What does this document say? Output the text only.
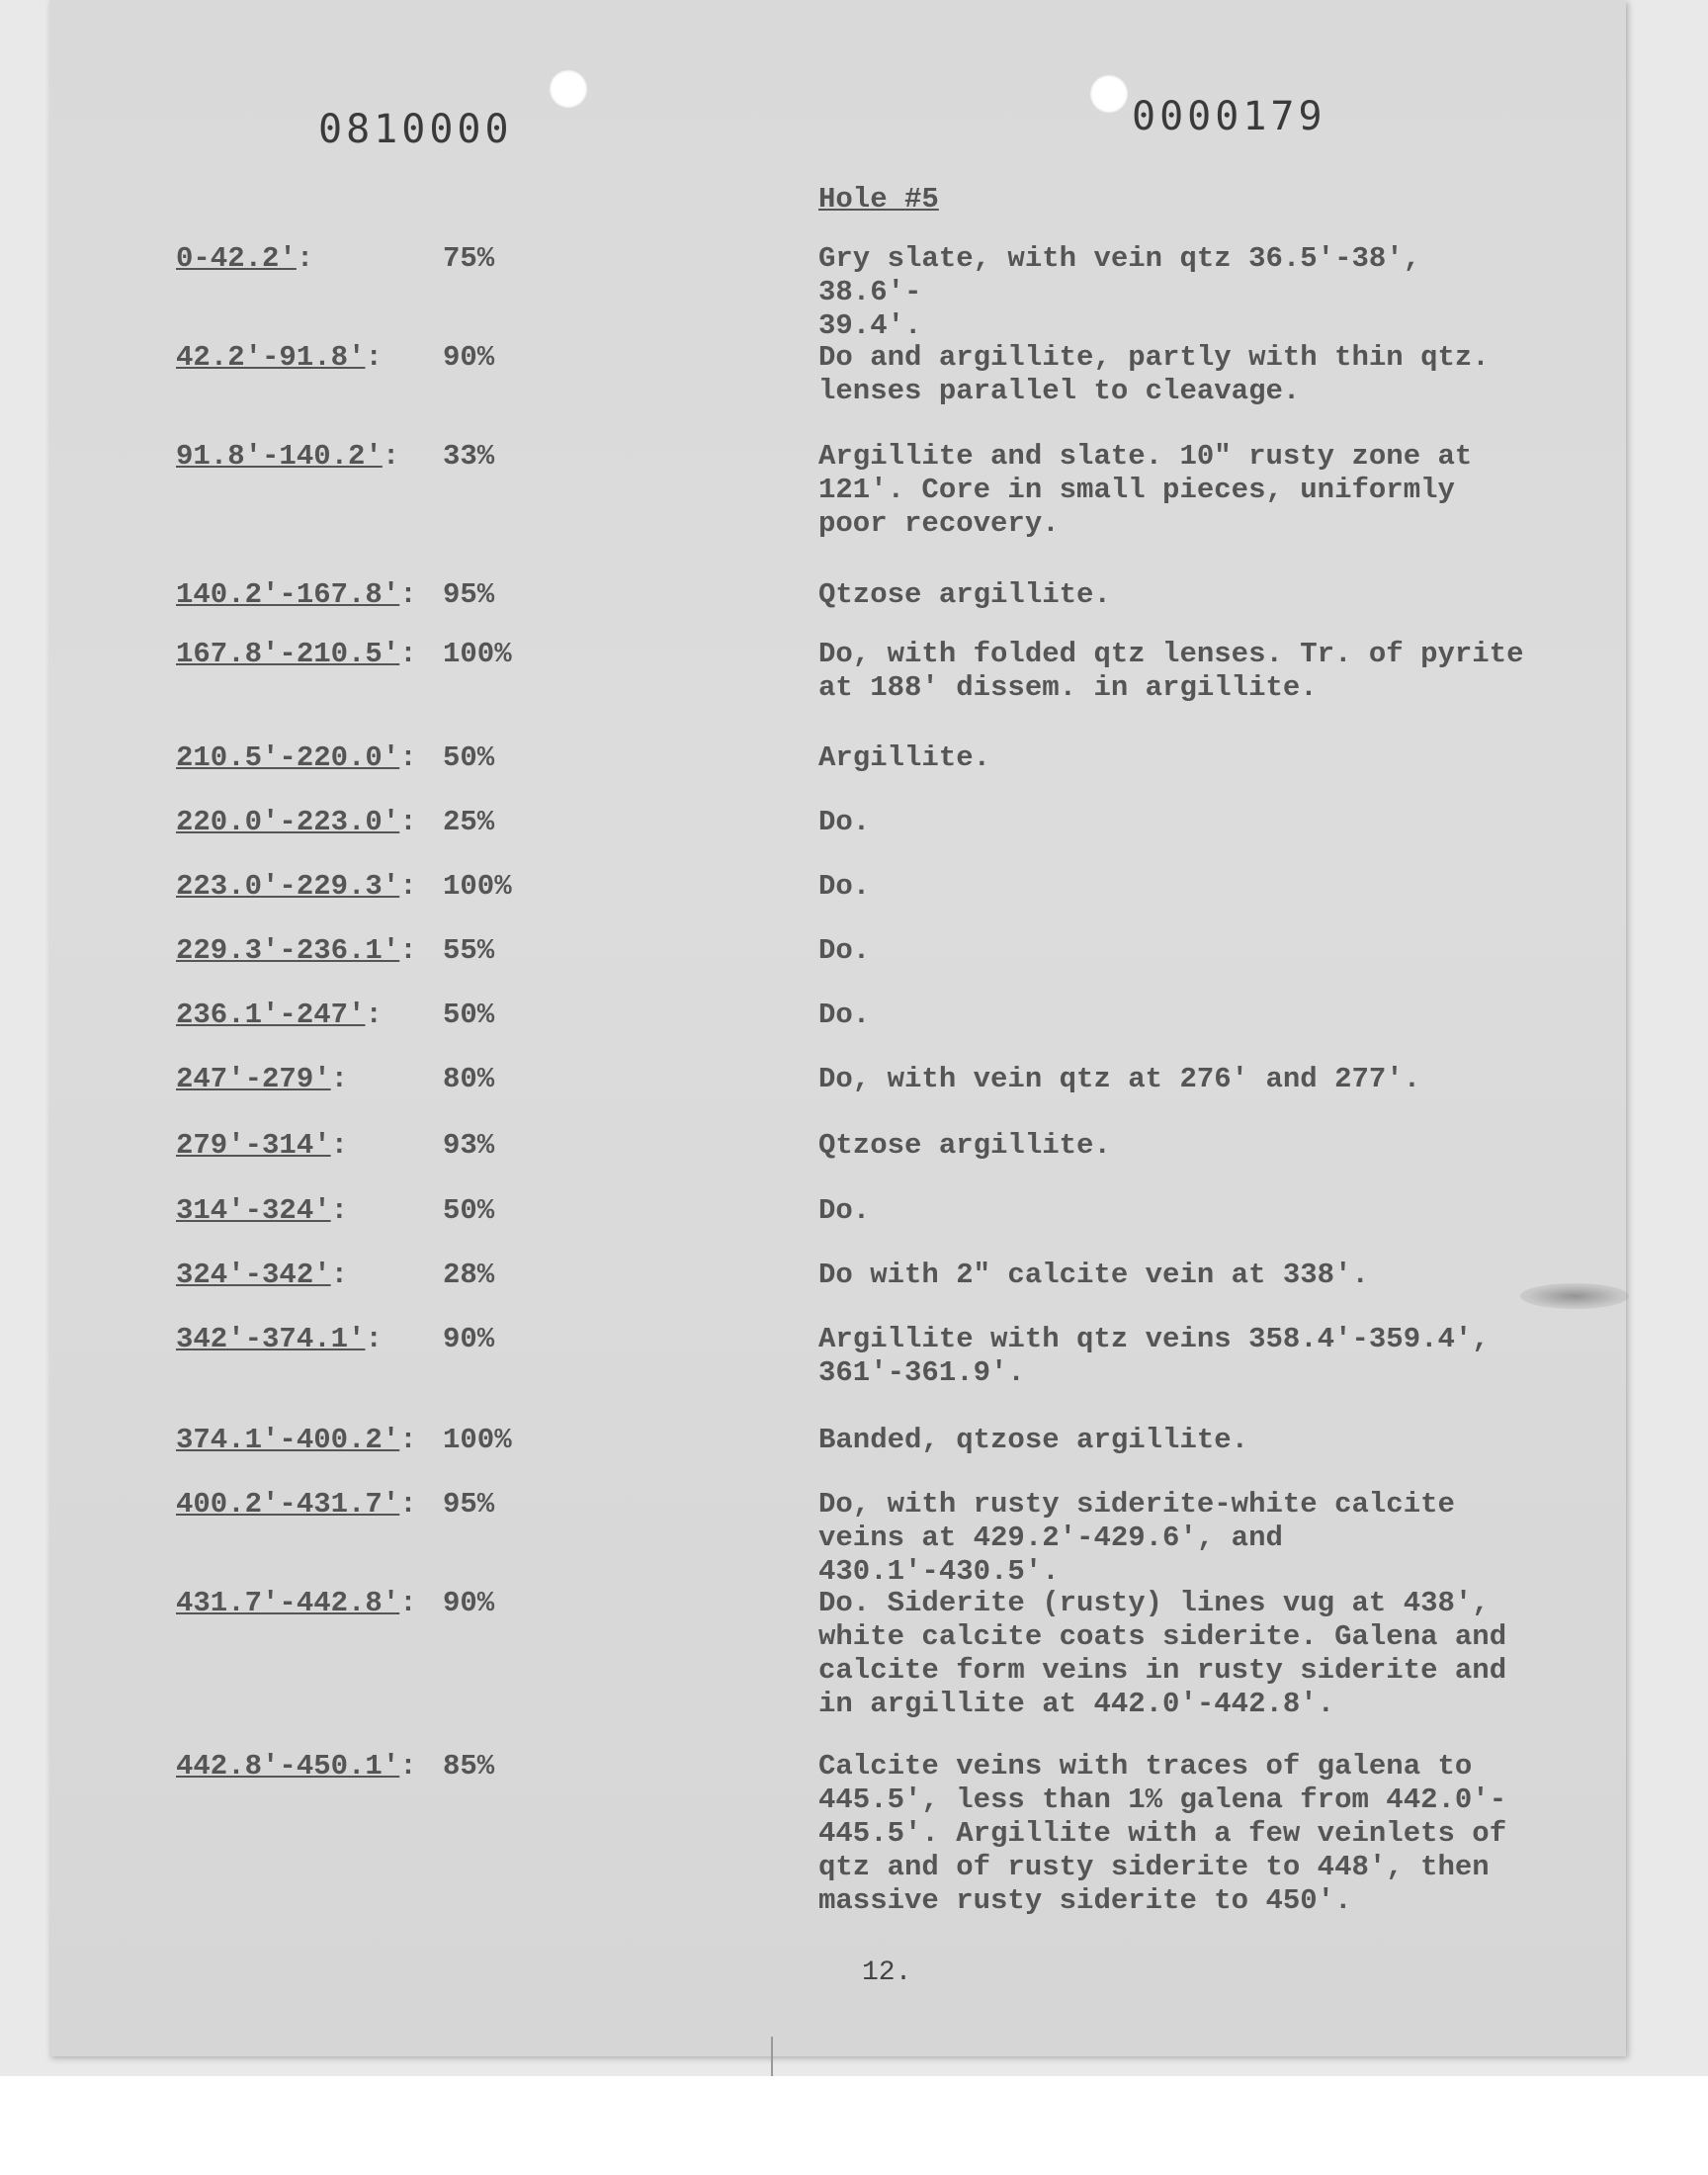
0810000	0000179
Hole #5
0-42.2':	75%	Gry slate, with vein qtz 36.5'-38', 38.6'-
39.4'.
42.2'-91.8': 90%	Do and argillite, partly with thin qtz.
lenses parallel to cleavage.
91.8'-140.2': 33%	Argillite and slate. 10" rusty zone at
121'. Core in small pieces, uniformly
poor recovery.
140.2'-167.8': 95%	Qtzose argillite.
167.8'-210.5': 100%	Do, with folded qtz lenses. Tr. of pyrite
at 188' dissem. in argillite.
210.5'-220.0': 50%	Argillite.
220.0'-223.0': 25%	Do.
223.0'-229.3': 100%	Do.
229.3'-236.1': 55%	Do.
236.1'-247': 50%	Do.
247'-279':	80%	Do, with vein qtz at 276' and 277'.
279'-314':	93%	Qtzose argillite.
314'-324':	50%	Do.
324'-342':	28%	Do with 2" calcite vein at 338'.
342'-374.1': 90%	Argillite with qtz veins 358.4'-359.4',
361'-361.9'.
374.1'-400.2': 100%	Banded, qtzose argillite.
400.2'-431.7': 95%	Do, with rusty siderite-white calcite
veins at 429.2'-429.6', and 430.1'-430.5'.
431.7'-442.8': 90%	Do. Siderite (rusty) lines vug at 438',
white calcite coats siderite. Galena and
calcite form veins in rusty siderite and
in argillite at 442.0'-442.8'.
442.8'-450.1': 85%	Calcite veins with traces of galena to
445.5', less than 1% galena from 442.0'-
445.5'. Argillite with a few veinlets of
qtz and of rusty siderite to 448', then
massive rusty siderite to 450'.
12.
